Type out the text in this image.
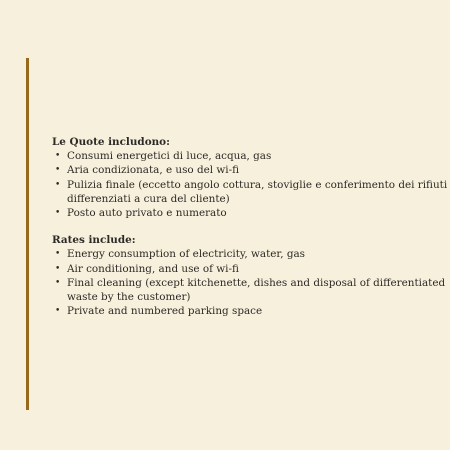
Le Quote includono:

• Consumi energetici di luce, acqua, gas
• Aria condizionata, e uso del wi-fi
• Pulizia finale (eccetto angolo cottura, stoviglie e conferimento dei rifiuti differenziati a cura del cliente)
• Posto auto privato e numerato

Rates include:

• Energy consumption of electricity, water, gas
• Air conditioning, and use of wi-fi
• Final cleaning (except kitchenette, dishes and disposal of differentiated waste by the customer)
• Private and numbered parking space
